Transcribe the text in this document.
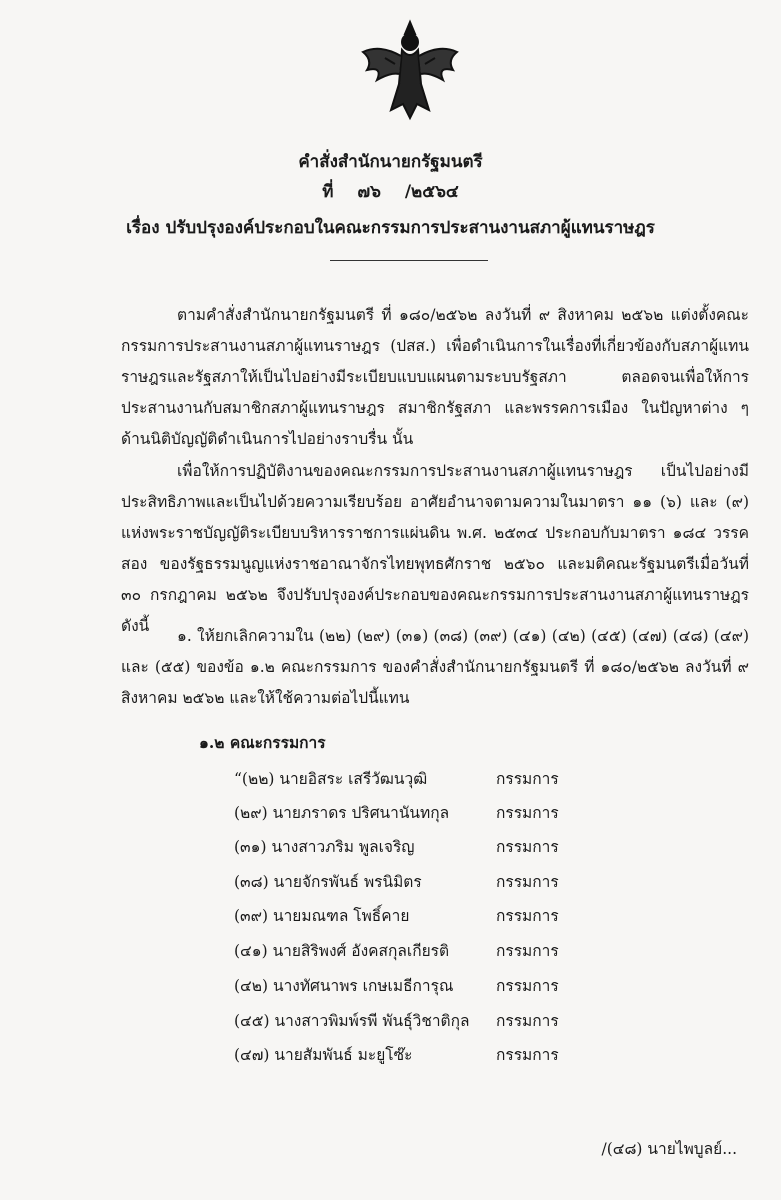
คำสั่งสำนักนายกรัฐมนตรี
ที่ ๗๖ /๒๕๖๔
เรื่อง ปรับปรุงองค์ประกอบในคณะกรรมการประสานงานสภาผู้แทนราษฎร
ตามคำสั่งสำนักนายกรัฐมนตรี ที่ ๑๘๐/๒๕๖๒ ลงวันที่ ๙ สิงหาคม ๒๕๖๒ แต่งตั้งคณะกรรมการประสานงานสภาผู้แทนราษฎร (ปสส.) เพื่อดำเนินการในเรื่องที่เกี่ยวข้องกับสภาผู้แทนราษฎรและรัฐสภาให้เป็นไปอย่างมีระเบียบแบบแผนตามระบบรัฐสภา ตลอดจนเพื่อให้การประสานงานกับสมาชิกสภาผู้แทนราษฎร สมาชิกรัฐสภา และพรรคการเมือง ในปัญหาต่าง ๆ ด้านนิติบัญญัติดำเนินการไปอย่างราบรื่น นั้น
เพื่อให้การปฏิบัติงานของคณะกรรมการประสานงานสภาผู้แทนราษฎร เป็นไปอย่างมีประสิทธิภาพและเป็นไปด้วยความเรียบร้อย อาศัยอำนาจตามความในมาตรา ๑๑ (๖) และ (๙) แห่งพระราชบัญญัติระเบียบบริหารราชการแผ่นดิน พ.ศ. ๒๕๓๔ ประกอบกับมาตรา ๑๘๔ วรรคสอง ของรัฐธรรมนูญแห่งราชอาณาจักรไทยพุทธศักราช ๒๕๖๐ และมติคณะรัฐมนตรีเมื่อวันที่ ๓๐ กรกฎาคม ๒๕๖๒ จึงปรับปรุงองค์ประกอบของคณะกรรมการประสานงานสภาผู้แทนราษฎร ดังนี้
๑. ให้ยกเลิกความใน (๒๒) (๒๙) (๓๑) (๓๘) (๓๙) (๔๑) (๔๒) (๔๕) (๔๗) (๔๘) (๔๙) และ (๕๕) ของข้อ ๑.๒ คณะกรรมการ ของคำสั่งสำนักนายกรัฐมนตรี ที่ ๑๘๐/๒๕๖๒ ลงวันที่ ๙ สิงหาคม ๒๕๖๒ และให้ใช้ความต่อไปนี้แทน
๑.๒ คณะกรรมการ
“(๒๒) นายอิสระ เสรีวัฒนวุฒิ	กรรมการ
(๒๙) นายภราดร ปริศนานันทกุล	กรรมการ
(๓๑) นางสาวภริม พูลเจริญ	กรรมการ
(๓๘) นายจักรพันธ์ พรนิมิตร	กรรมการ
(๓๙) นายมณฑล โพธิ์คาย	กรรมการ
(๔๑) นายสิริพงศ์ อังคสกุลเกียรติ	กรรมการ
(๔๒) นางทัศนาพร เกษเมธีการุณ	กรรมการ
(๔๕) นางสาวพิมพ์รพี พันธุ์วิชาติกุล กรรมการ
(๔๗) นายสัมพันธ์ มะยูโซ๊ะ	กรรมการ
/(๔๘) นายไพบูลย์...
